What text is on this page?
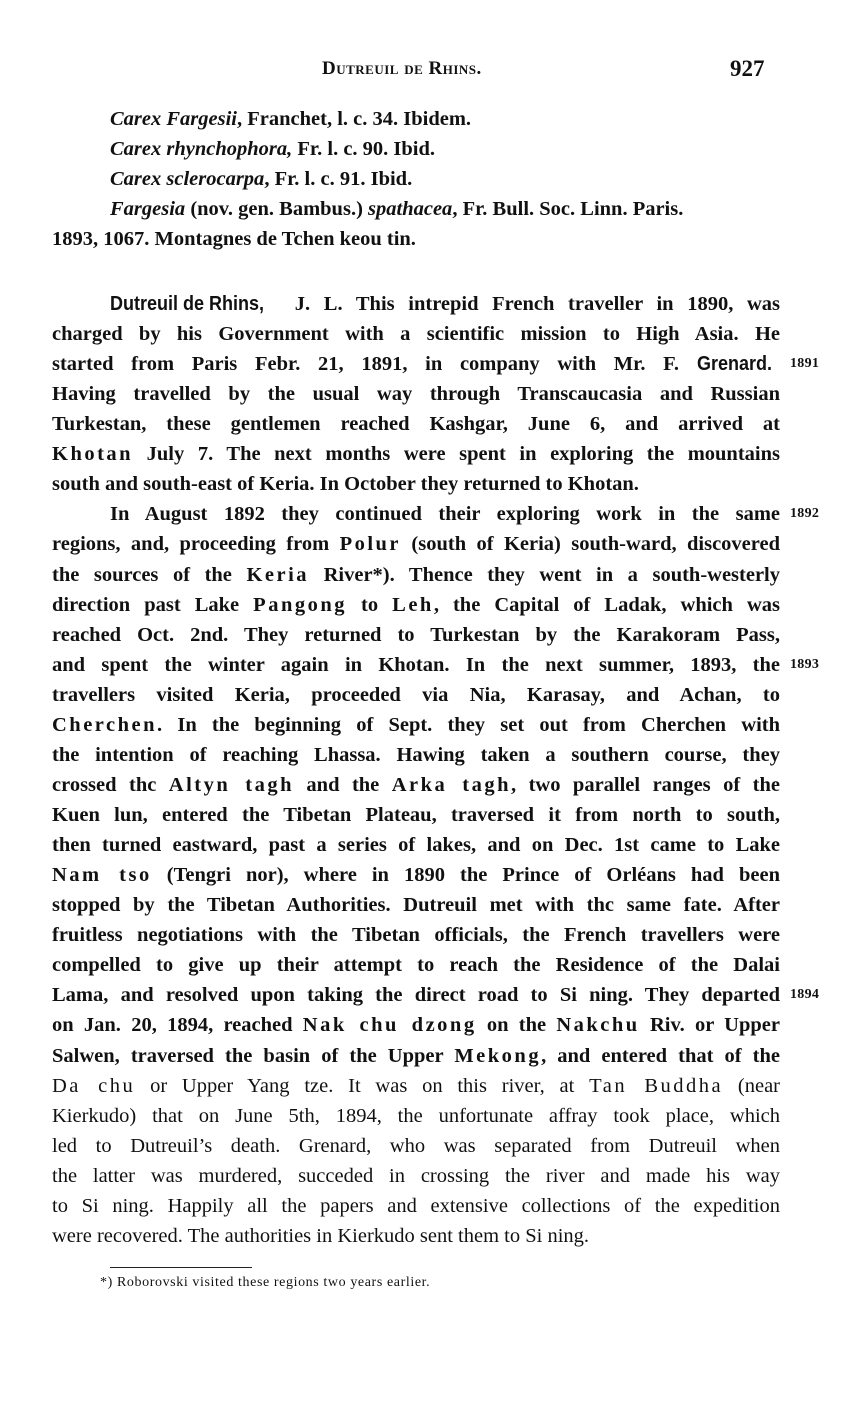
Dutreuil de Rhins.	927
Carex Fargesii, Franchet, l. c. 34. Ibidem.
Carex rhynchophora, Fr. l. c. 90. Ibid.
Carex sclerocarpa, Fr. l. c. 91. Ibid.
Fargesia (nov. gen. Bambus.) spathacea, Fr. Bull. Soc. Linn. Paris.
1893, 1067. Montagnes de Tchen keou tin.
Dutreuil de Rhins, J. L. This intrepid French traveller in 1890, was
charged by his Government with a scientific mission to High Asia. He
started from Paris Febr. 21, 1891, in company with Mr. F. Grenard.	1891
Having travelled by the usual way through Transcaucasia and Russian
Turkestan, these gentlemen reached Kashgar, June 6, and arrived at
Khotan July 7. The next months were spent in exploring the mountains
south and south-east of Keria. In October they returned to Khotan.
In August 1892 they continued their exploring work in the same 1892
regions, and, proceeding from Polur (south of Keria) south-ward, discovered
the sources of the Keria River*). Thence they went in a south-westerly
direction past Lake Pangong to Leh, the Capital of Ladak, which was
reached Oct. 2nd. They returned to Turkestan by the Karakoram Pass,
and spent the winter again in Khotan. In the next summer, 1893, the 1893
travellers visited Keria, proceeded via Nia, Karasay, and Achan, to
Cherchen. In the beginning of Sept. they set out from Cherchen with
the intention of reaching Lhassa. Hawing taken a southern course, they
crossed thc Altyn tagh and the Arka tagh, two parallel ranges of the
Kuen lun, entered the Tibetan Plateau, traversed it from north to south,
then turned eastward, past a series of lakes, and on Dec. 1st came to Lake
Nam tso (Tengri nor), where in 1890 the Prince of Orléans had been
stopped by the Tibetan Authorities. Dutreuil met with thc same fate. After
fruitless negotiations with the Tibetan officials, the French travellers were
compelled to give up their attempt to reach the Residence of the Dalai
Lama, and resolved upon taking the direct road to Si ning. They departed 1894
on Jan. 20, 1894, reached Nak chu dzong on the Nakchu Riv. or Upper
Salwen, traversed the basin of the Upper Mekong, and entered that of the
Da chu or Upper Yang tze. It was on this river, at Tan Buddha (near
Kierkudo) that on June 5th, 1894, the unfortunate affray took place, which
led to Dutreuil’s death. Grenard, who was separated from Dutreuil when
the latter was murdered, succeded in crossing the river and made his way
to Si ning. Happily all the papers and extensive collections of the expedition
were recovered. The authorities in Kierkudo sent them to Si ning.
*) Roborovski visited these regions two years earlier.
